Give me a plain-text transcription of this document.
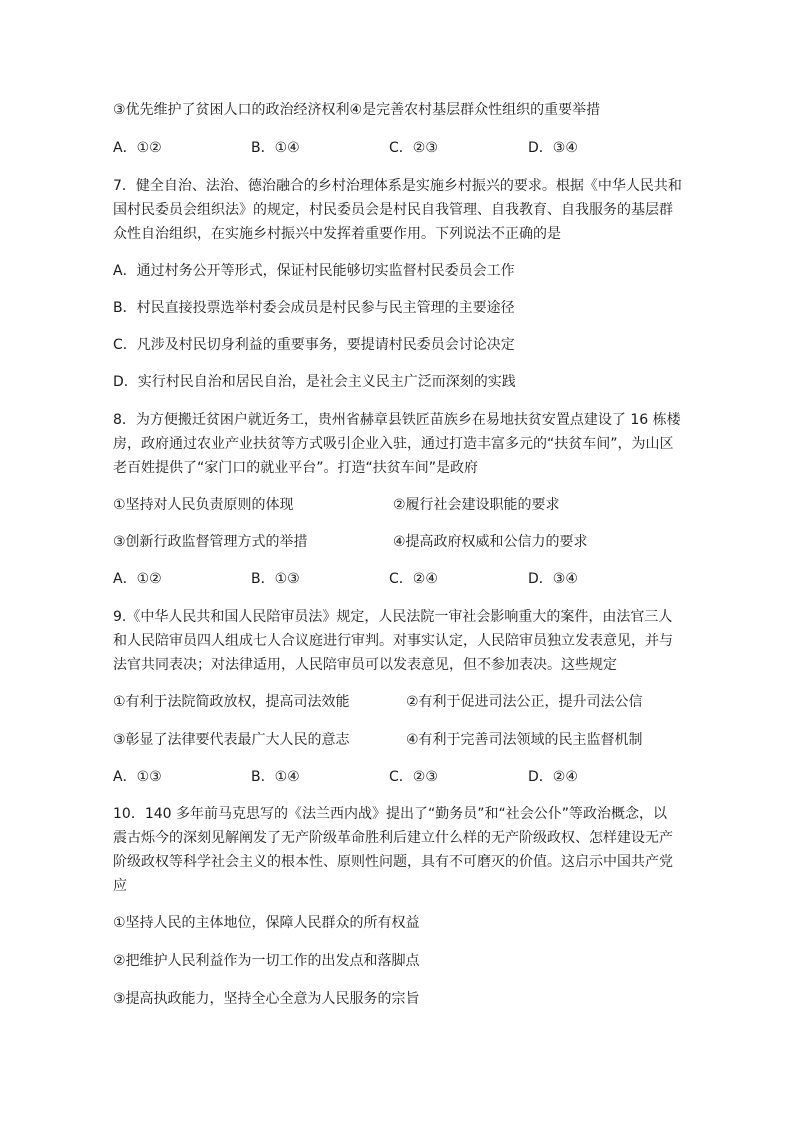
③优先维护了贫困人口的政治经济权利④是完善农村基层群众性组织的重要举措
A．①②	B．①④	C．②③	D．③④
7．健全自治、法治、德治融合的乡村治理体系是实施乡村振兴的要求。根据《中华人民共和
国村民委员会组织法》的规定，村民委员会是村民自我管理、自我教育、自我服务的基层群
众性自治组织，在实施乡村振兴中发挥着重要作用。下列说法不正确的是
A．通过村务公开等形式，保证村民能够切实监督村民委员会工作
B．村民直接投票选举村委会成员是村民参与民主管理的主要途径
C．凡涉及村民切身利益的重要事务，要提请村民委员会讨论决定
D．实行村民自治和居民自治，是社会主义民主广泛而深刻的实践
8．为方便搬迁贫困户就近务工，贵州省赫章县铁匠苗族乡在易地扶贫安置点建设了 16 栋楼
房，政府通过农业产业扶贫等方式吸引企业入驻，通过打造丰富多元的“扶贫车间”，为山区
老百姓提供了“家门口的就业平台”。打造“扶贫车间”是政府
①坚持对人民负责原则的体现	②履行社会建设职能的要求
③创新行政监督管理方式的举措	④提高政府权威和公信力的要求
A．①②	B．①③	C．②④	D．③④
9.《中华人民共和国人民陪审员法》规定，人民法院一审社会影响重大的案件，由法官三人
和人民陪审员四人组成七人合议庭进行审判。对事实认定，人民陪审员独立发表意见，并与
法官共同表决；对法律适用，人民陪审员可以发表意见，但不参加表决。这些规定
①有利于法院简政放权，提高司法效能	②有利于促进司法公正，提升司法公信
③彰显了法律要代表最广大人民的意志	④有利于完善司法领域的民主监督机制
A．①③	B．①④	C．②③	D．②④
10．140 多年前马克思写的《法兰西内战》提出了“勤务员”和“社会公仆”等政治概念，以
震古烁今的深刻见解阐发了无产阶级革命胜利后建立什么样的无产阶级政权、怎样建设无产
阶级政权等科学社会主义的根本性、原则性问题，具有不可磨灭的价值。这启示中国共产党
应
①坚持人民的主体地位，保障人民群众的所有权益
②把维护人民利益作为一切工作的出发点和落脚点
③提高执政能力，坚持全心全意为人民服务的宗旨
